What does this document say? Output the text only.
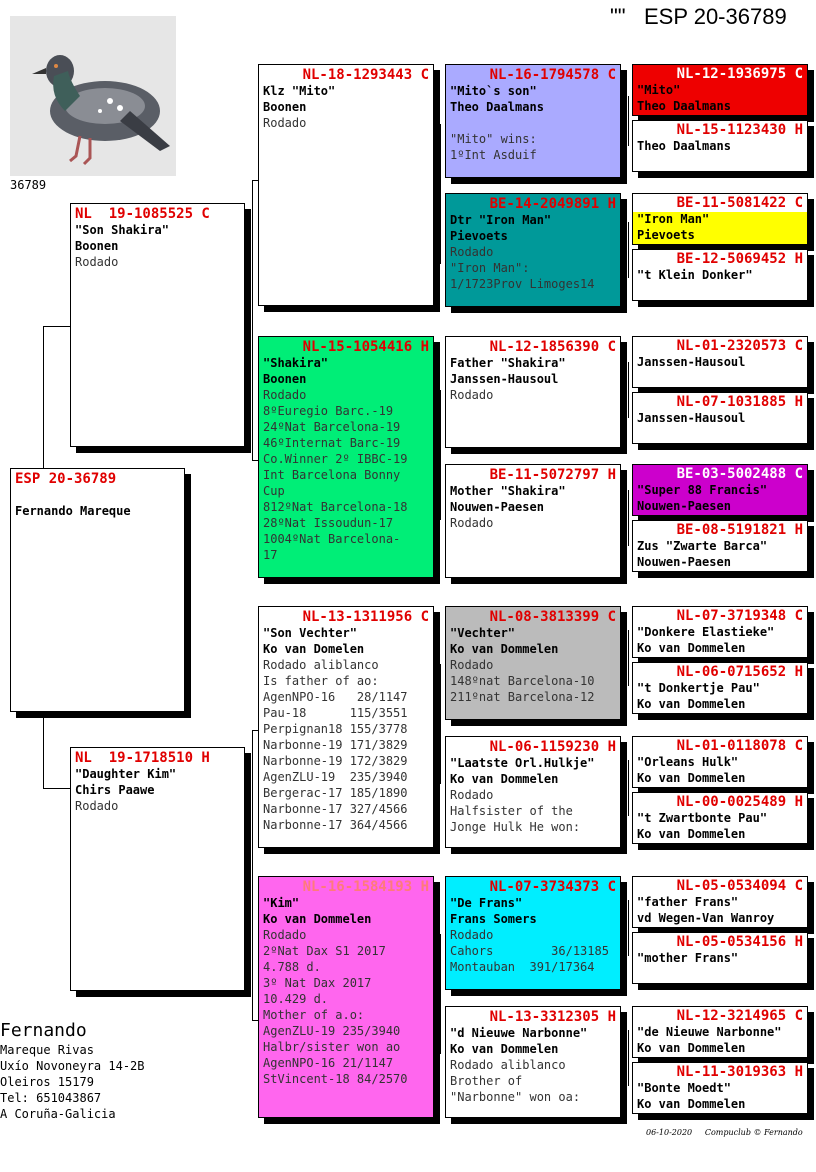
"" ESP 20-36789
36789
ESP 20-36789
Fernando Mareque
NL  19-1085525 C
"Son Shakira"
Boonen
Rodado
NL  19-1718510 H
"Daughter Kim"
Chirs Paawe
Rodado
NL-18-1293443 C
Klz "Mito"
Boonen
Rodado
NL-15-1054416 H
"Shakira"
Boonen
Rodado
8ºEuregio Barc.-19
24ºNat Barcelona-19
46ºInternat Barc-19
Co.Winner 2º IBBC-19
Int Barcelona Bonny
Cup
812ºNat Barcelona-18
28ºNat Issoudun-17
1004ºNat Barcelona-
17
NL-13-1311956 C
"Son Vechter"
Ko van Domelen
Rodado aliblanco
Is father of ao:
AgenNPO-16   28/1147
Pau-18      115/3551
Perpignan18 155/3778
Narbonne-19 171/3829
Narbonne-19 172/3829
AgenZLU-19  235/3940
Bergerac-17 185/1890
Narbonne-17 327/4566
Narbonne-17 364/4566
NL-16-1584193 H
"Kim"
Ko van Dommelen
Rodado
2ºNat Dax S1 2017
4.788 d.
3º Nat Dax 2017
10.429 d.
Mother of a.o:
AgenZLU-19 235/3940
Halbr/sister won ao
AgenNPO-16 21/1147
StVincent-18 84/2570
NL-16-1794578 C
"Mito`s son"
Theo Daalmans

"Mito" wins:
1ºInt Asduif
BE-14-2049891 H
Dtr "Iron Man"
Pievoets
Rodado
"Iron Man":
1/1723Prov Limoges14
NL-12-1856390 C
Father "Shakira"
Janssen-Hausoul
Rodado
BE-11-5072797 H
Mother "Shakira"
Nouwen-Paesen
Rodado
NL-08-3813399 C
"Vechter"
Ko van Dommelen
Rodado
148ºnat Barcelona-10
211ºnat Barcelona-12
NL-06-1159230 H
"Laatste Orl.Hulkje"
Ko van Dommelen
Rodado
Halfsister of the
Jonge Hulk He won:
NL-07-3734373 C
"De Frans"
Frans Somers
Rodado
Cahors        36/13185
Montauban  391/17364
NL-13-3312305 H
"d Nieuwe Narbonne"
Ko van Dommelen
Rodado aliblanco
Brother of
"Narbonne" won oa:
NL-12-1936975 C
"Mito"
Theo Daalmans
NL-15-1123430 H
Theo Daalmans
BE-11-5081422 C
"Iron Man"
Pievoets
BE-12-5069452 H
"t Klein Donker"
NL-01-2320573 C
Janssen-Hausoul
NL-07-1031885 H
Janssen-Hausoul
BE-03-5002488 C
"Super 88 Francis"
Nouwen-Paesen
BE-08-5191821 H
Zus "Zwarte Barca"
Nouwen-Paesen
NL-07-3719348 C
"Donkere Elastieke"
Ko van Dommelen
NL-06-0715652 H
"t Donkertje Pau"
Ko van Dommelen
NL-01-0118078 C
"Orleans Hulk"
Ko van Dommelen
NL-00-0025489 H
"t Zwartbonte Pau"
Ko van Dommelen
NL-05-0534094 C
"father Frans"
vd Wegen-Van Wanroy
NL-05-0534156 H
"mother Frans"
NL-12-3214965 C
"de Nieuwe Narbonne"
Ko van Dommelen
NL-11-3019363 H
"Bonte Moedt"
Ko van Dommelen
Fernando
Mareque Rivas
Uxío Novoneyra 14-2B
Oleiros 15179
Tel: 651043867
A Coruña-Galicia
06-10-2020 Compuclub © Fernando
